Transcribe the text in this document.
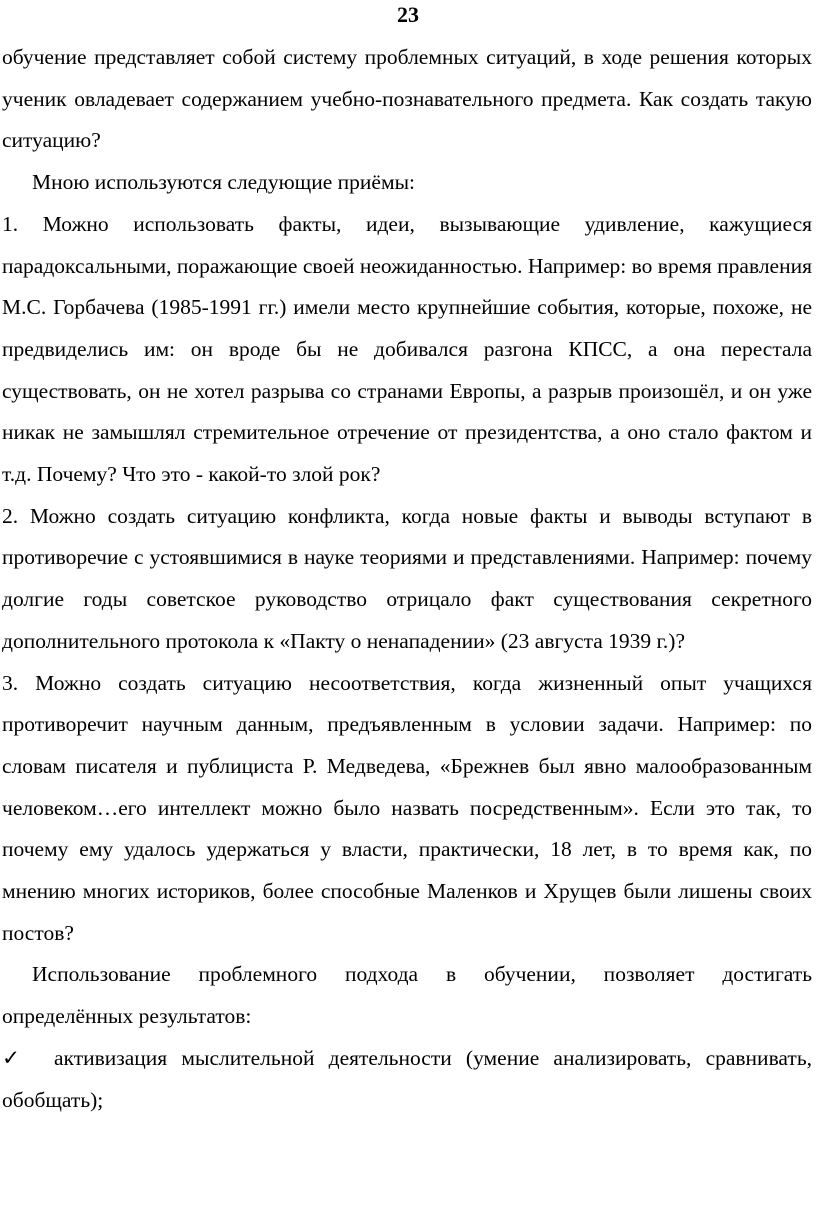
23

обучение представляет собой систему проблемных ситуаций, в ходе решения которых ученик овладевает содержанием учебно-познавательного предмета. Как создать такую ситуацию?

Мною используются следующие приёмы:

1. Можно использовать факты, идеи, вызывающие удивление, кажущиеся парадоксальными, поражающие своей неожиданностью. Например: во время правления М.С. Горбачева (1985-1991 гг.) имели место крупнейшие события, которые, похоже, не предвиделись им: он вроде бы не добивался разгона КПСС, а она перестала существовать, он не хотел разрыва со странами Европы, а разрыв произошёл, и он уже никак не замышлял стремительное отречение от президентства, а оно стало фактом и т.д. Почему? Что это - какой-то злой рок?

2. Можно создать ситуацию конфликта, когда новые факты и выводы вступают в противоречие с устоявшимися в науке теориями и представлениями. Например: почему долгие годы советское руководство отрицало факт существования секретного дополнительного протокола к «Пакту о ненападении» (23 августа 1939 г.)?

3. Можно создать ситуацию несоответствия, когда жизненный опыт учащихся противоречит научным данным, предъявленным в условии задачи. Например: по словам писателя и публициста Р. Медведева, «Брежнев был явно малообразованным человеком…его интеллект можно было назвать посредственным». Если это так, то почему ему удалось удержаться у власти, практически, 18 лет, в то время как, по мнению многих историков, более способные Маленков и Хрущев были лишены своих постов?

Использование проблемного подхода в обучении, позволяет достигать определённых результатов:

✓ активизация мыслительной деятельности (умение анализировать, сравнивать, обобщать);
